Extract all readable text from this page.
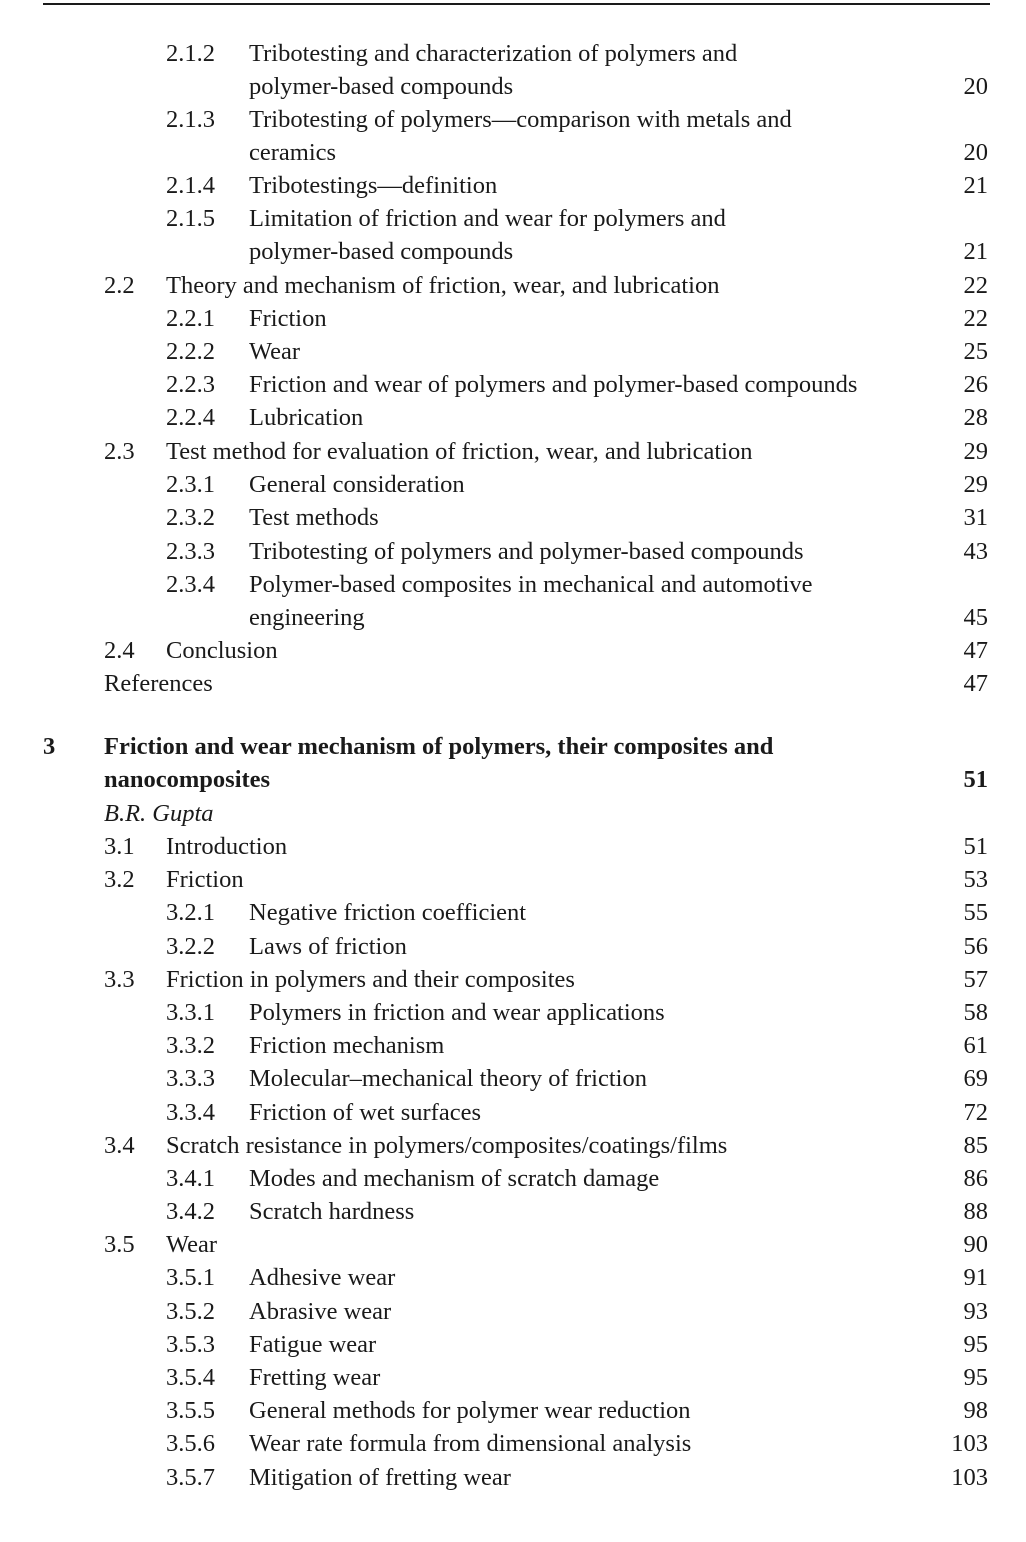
2.1.2 Tribotesting and characterization of polymers and
polymer-based compounds	20
2.1.3 Tribotesting of polymers—comparison with metals and
ceramics	20
2.1.4 Tribotestings—definition	21
2.1.5 Limitation of friction and wear for polymers and
polymer-based compounds	21
2.2 Theory and mechanism of friction, wear, and lubrication	22
2.2.1 Friction	22
2.2.2 Wear	25
2.2.3 Friction and wear of polymers and polymer-based compounds	26
2.2.4 Lubrication	28
2.3 Test method for evaluation of friction, wear, and lubrication	29
2.3.1 General consideration	29
2.3.2 Test methods	31
2.3.3 Tribotesting of polymers and polymer-based compounds	43
2.3.4 Polymer-based composites in mechanical and automotive
engineering	45
2.4 Conclusion	47
References	47
3 Friction and wear mechanism of polymers, their composites and
nanocomposites	51
B.R. Gupta
3.1 Introduction	51
3.2 Friction	53
3.2.1 Negative friction coefficient	55
3.2.2 Laws of friction	56
3.3 Friction in polymers and their composites	57
3.3.1 Polymers in friction and wear applications	58
3.3.2 Friction mechanism	61
3.3.3 Molecular–mechanical theory of friction	69
3.3.4 Friction of wet surfaces	72
3.4 Scratch resistance in polymers/composites/coatings/films	85
3.4.1 Modes and mechanism of scratch damage	86
3.4.2 Scratch hardness	88
3.5 Wear	90
3.5.1 Adhesive wear	91
3.5.2 Abrasive wear	93
3.5.3 Fatigue wear	95
3.5.4 Fretting wear	95
3.5.5 General methods for polymer wear reduction	98
3.5.6 Wear rate formula from dimensional analysis	103
3.5.7 Mitigation of fretting wear	103
